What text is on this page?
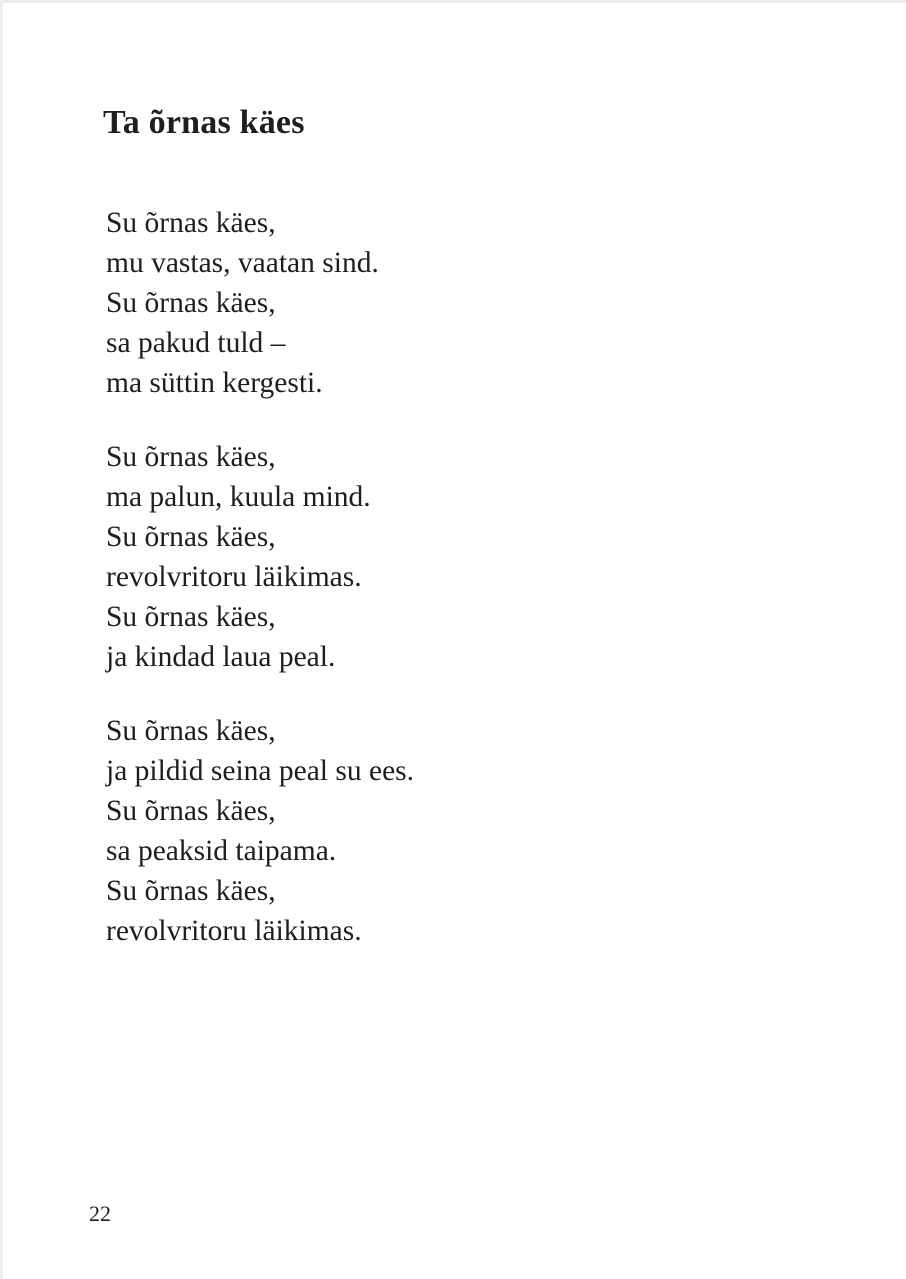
Ta õrnas käes
Su õrnas käes,
mu vastas, vaatan sind.
Su õrnas käes,
sa pakud tuld –
ma süttin kergesti.
Su õrnas käes,
ma palun, kuula mind.
Su õrnas käes,
revolvritoru läikimas.
Su õrnas käes,
ja kindad laua peal.
Su õrnas käes,
ja pildid seina peal su ees.
Su õrnas käes,
sa peaksid taipama.
Su õrnas käes,
revolvritoru läikimas.
22
